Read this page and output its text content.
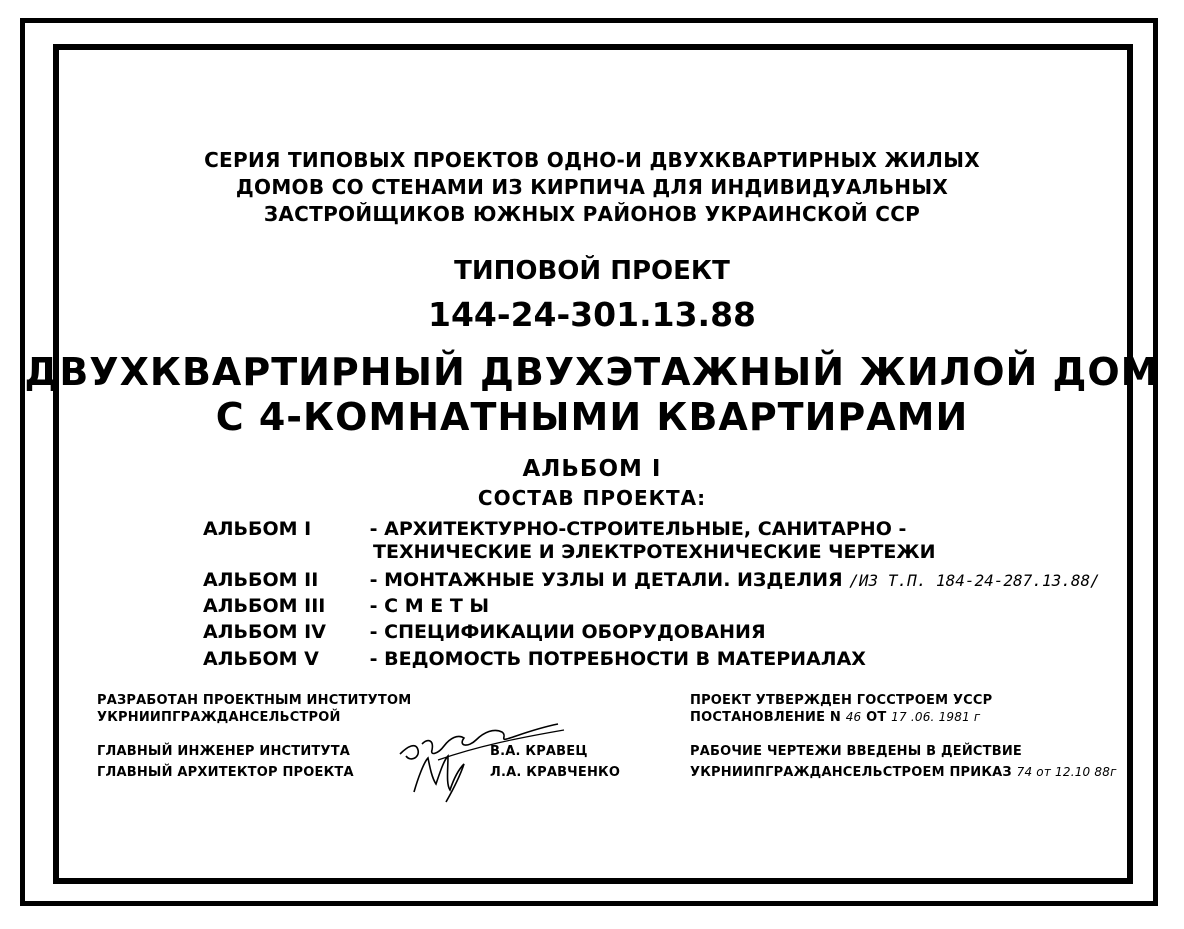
СЕРИЯ ТИПОВЫХ ПРОЕКТОВ ОДНО-И ДВУХКВАРТИРНЫХ ЖИЛЫХ
ДОМОВ СО СТЕНАМИ ИЗ КИРПИЧА ДЛЯ ИНДИВИДУАЛЬНЫХ
ЗАСТРОЙЩИКОВ ЮЖНЫХ РАЙОНОВ УКРАИНСКОЙ ССР
ТИПОВОЙ ПРОЕКТ
144-24-301.13.88
ДВУХКВАРТИРНЫЙ ДВУХЭТАЖНЫЙ ЖИЛОЙ ДОМ
С 4-КОМНАТНЫМИ КВАРТИРАМИ
АЛЬБОМ I
СОСТАВ ПРОЕКТА:
АЛЬБОМ I	- АРХИТЕКТУРНО-СТРОИТЕЛЬНЫЕ, САНИТАРНО -
ТЕХНИЧЕСКИЕ И ЭЛЕКТРОТЕХНИЧЕСКИЕ ЧЕРТЕЖИ
АЛЬБОМ II	- МОНТАЖНЫЕ УЗЛЫ И ДЕТАЛИ. ИЗДЕЛИЯ /ИЗ Т.П. 184-24-287.13.88/
АЛЬБОМ III - С М Е Т Ы
АЛЬБОМ IV - СПЕЦИФИКАЦИИ ОБОРУДОВАНИЯ
АЛЬБОМ V	- ВЕДОМОСТЬ ПОТРЕБНОСТИ В МАТЕРИАЛАХ
РАЗРАБОТАН ПРОЕКТНЫМ ИНСТИТУТОМ
УКРНИИПГРАЖДАНСЕЛЬСТРОЙ
ГЛАВНЫЙ ИНЖЕНЕР ИНСТИТУТА	В.А. КРАВЕЦ
ГЛАВНЫЙ АРХИТЕКТОР ПРОЕКТА	Л.А. КРАВЧЕНКО
ПРОЕКТ УТВЕРЖДЕН ГОССТРОЕМ УССР
ПОСТАНОВЛЕНИЕ N 46 ОТ 17 .06. 1981 г
РАБОЧИЕ ЧЕРТЕЖИ ВВЕДЕНЫ В ДЕЙСТВИЕ
УКРНИИПГРАЖДАНСЕЛЬСТРОЕМ ПРИКАЗ 74 от 12.10 88г
